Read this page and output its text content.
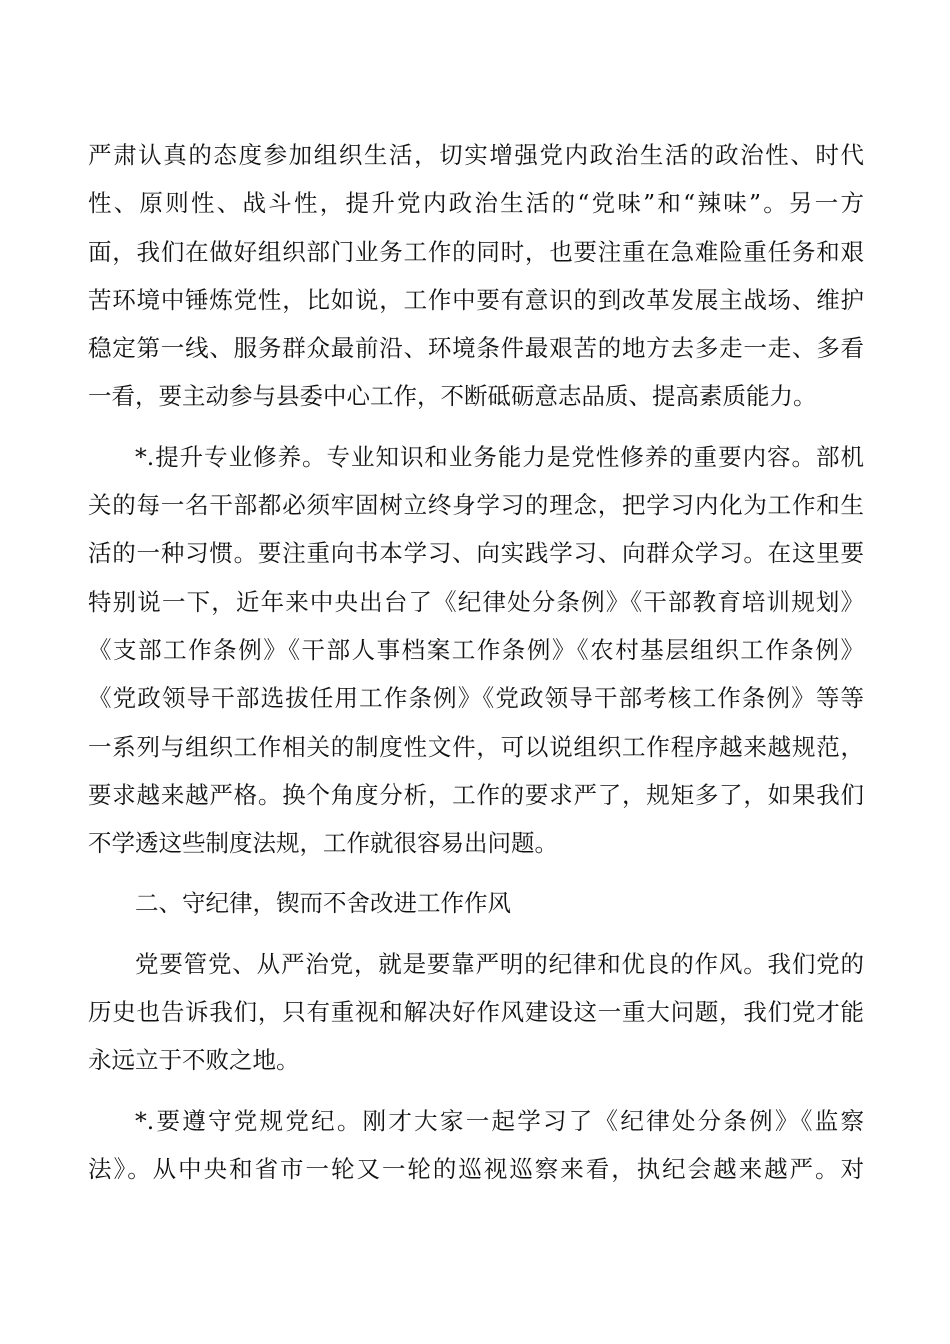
严肃认真的态度参加组织生活，切实增强党内政治生活的政治性、时代
性、原则性、战斗性，提升党内政治生活的“党味”和“辣味”。另一方
面，我们在做好组织部门业务工作的同时，也要注重在急难险重任务和艰
苦环境中锤炼党性，比如说，工作中要有意识的到改革发展主战场、维护
稳定第一线、服务群众最前沿、环境条件最艰苦的地方去多走一走、多看
一看，要主动参与县委中心工作，不断砥砺意志品质、提高素质能力。
*.提升专业修养。专业知识和业务能力是党性修养的重要内容。部机
关的每一名干部都必须牢固树立终身学习的理念，把学习内化为工作和生
活的一种习惯。要注重向书本学习、向实践学习、向群众学习。在这里要
特别说一下，近年来中央出台了《纪律处分条例》《干部教育培训规划》
《支部工作条例》《干部人事档案工作条例》《农村基层组织工作条例》
《党政领导干部选拔任用工作条例》《党政领导干部考核工作条例》等等
一系列与组织工作相关的制度性文件，可以说组织工作程序越来越规范，
要求越来越严格。换个角度分析，工作的要求严了，规矩多了，如果我们
不学透这些制度法规，工作就很容易出问题。
二、守纪律，锲而不舍改进工作作风
党要管党、从严治党，就是要靠严明的纪律和优良的作风。我们党的
历史也告诉我们，只有重视和解决好作风建设这一重大问题，我们党才能
永远立于不败之地。
*.要遵守党规党纪。刚才大家一起学习了《纪律处分条例》《监察
法》。从中央和省市一轮又一轮的巡视巡察来看，执纪会越来越严。对
